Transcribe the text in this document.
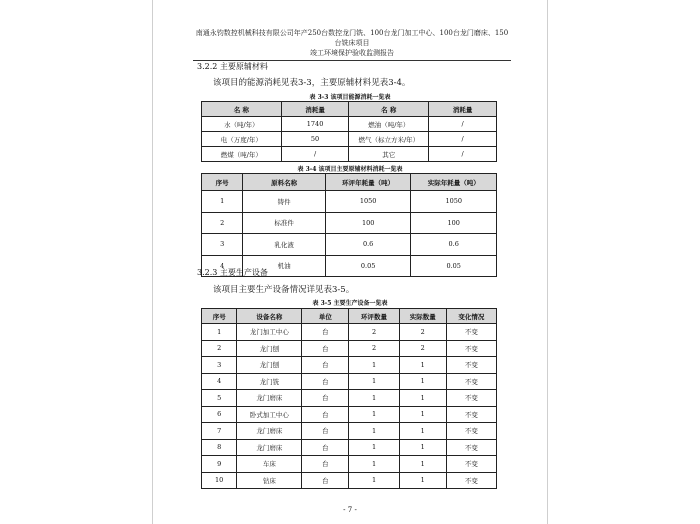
南通永钧数控机械科技有限公司年产250台数控龙门铣、100台龙门加工中心、100台龙门磨床、150台铣床项目
竣工环境保护验收监测报告
3.2.2 主要原辅材料
该项目的能源消耗见表3-3，主要原辅材料见表3-4。
表 3-3 该项目能源消耗一览表
名 称	消耗量	名 称	消耗量
水（吨/年）	1740	燃油（吨/年）	/
电（万度/年）	50	燃气（标立方米/年）	/
燃煤（吨/年）	/	其它	/
表 3-4 该项目主要原辅材料消耗一览表
序号	原料名称	环评年耗量（吨）	实际年耗量（吨）
1	铸件	1050	1050
2	标准件	100	100
3	乳化液	0.6	0.6
4	机油	0.05	0.05
3.2.3 主要生产设备
该项目主要生产设备情况详见表3-5。
表 3-5 主要生产设备一览表
序号	设备名称	单位	环评数量	实际数量	变化情况
1	龙门加工中心	台	2	2	不变
2	龙门刨	台	2	2	不变
3	龙门刨	台	1	1	不变
4	龙门铣	台	1	1	不变
5	龙门磨床	台	1	1	不变
6	卧式加工中心	台	1	1	不变
7	龙门磨床	台	1	1	不变
8	龙门磨床	台	1	1	不变
9	车床	台	1	1	不变
10	钻床	台	1	1	不变
- 7 -
